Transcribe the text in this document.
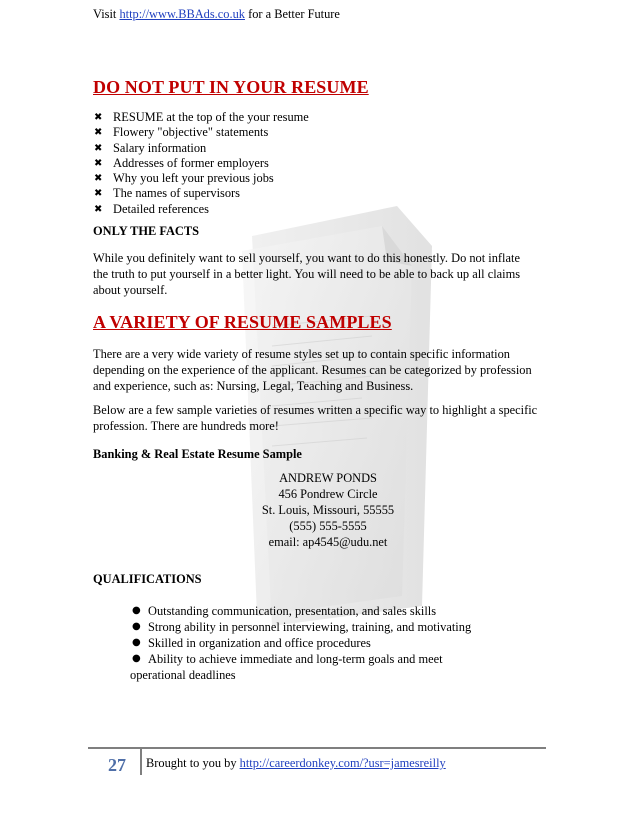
Visit http://www.BBAds.co.uk for a Better Future
DO NOT PUT IN YOUR RESUME
✖ RESUME at the top of the your resume
✖ Flowery "objective" statements
✖ Salary information
✖ Addresses of former employers
✖ Why you left your previous jobs
✖ The names of supervisors
✖ Detailed references
ONLY THE FACTS
While you definitely want to sell yourself, you want to do this honestly. Do not inflate
the truth to put yourself in a better light. You will need to be able to back up all claims
about yourself.
A VARIETY OF RESUME SAMPLES
There are a very wide variety of resume styles set up to contain specific information
depending on the experience of the applicant. Resumes can be categorized by profession
and experience, such as: Nursing, Legal, Teaching and Business.
Below are a few sample varieties of resumes written a specific way to highlight a specific
profession. There are hundreds more!
Banking & Real Estate Resume Sample
ANDREW PONDS
456 Pondrew Circle
St. Louis, Missouri, 55555
(555) 555-5555
email: ap4545@udu.net
QUALIFICATIONS
● Outstanding communication, presentation, and sales skills
● Strong ability in personnel interviewing, training, and motivating
● Skilled in organization and office procedures
● Ability to achieve immediate and long-term goals and meet
operational deadlines
27 Brought to you by http://careerdonkey.com/?usr=jamesreilly
